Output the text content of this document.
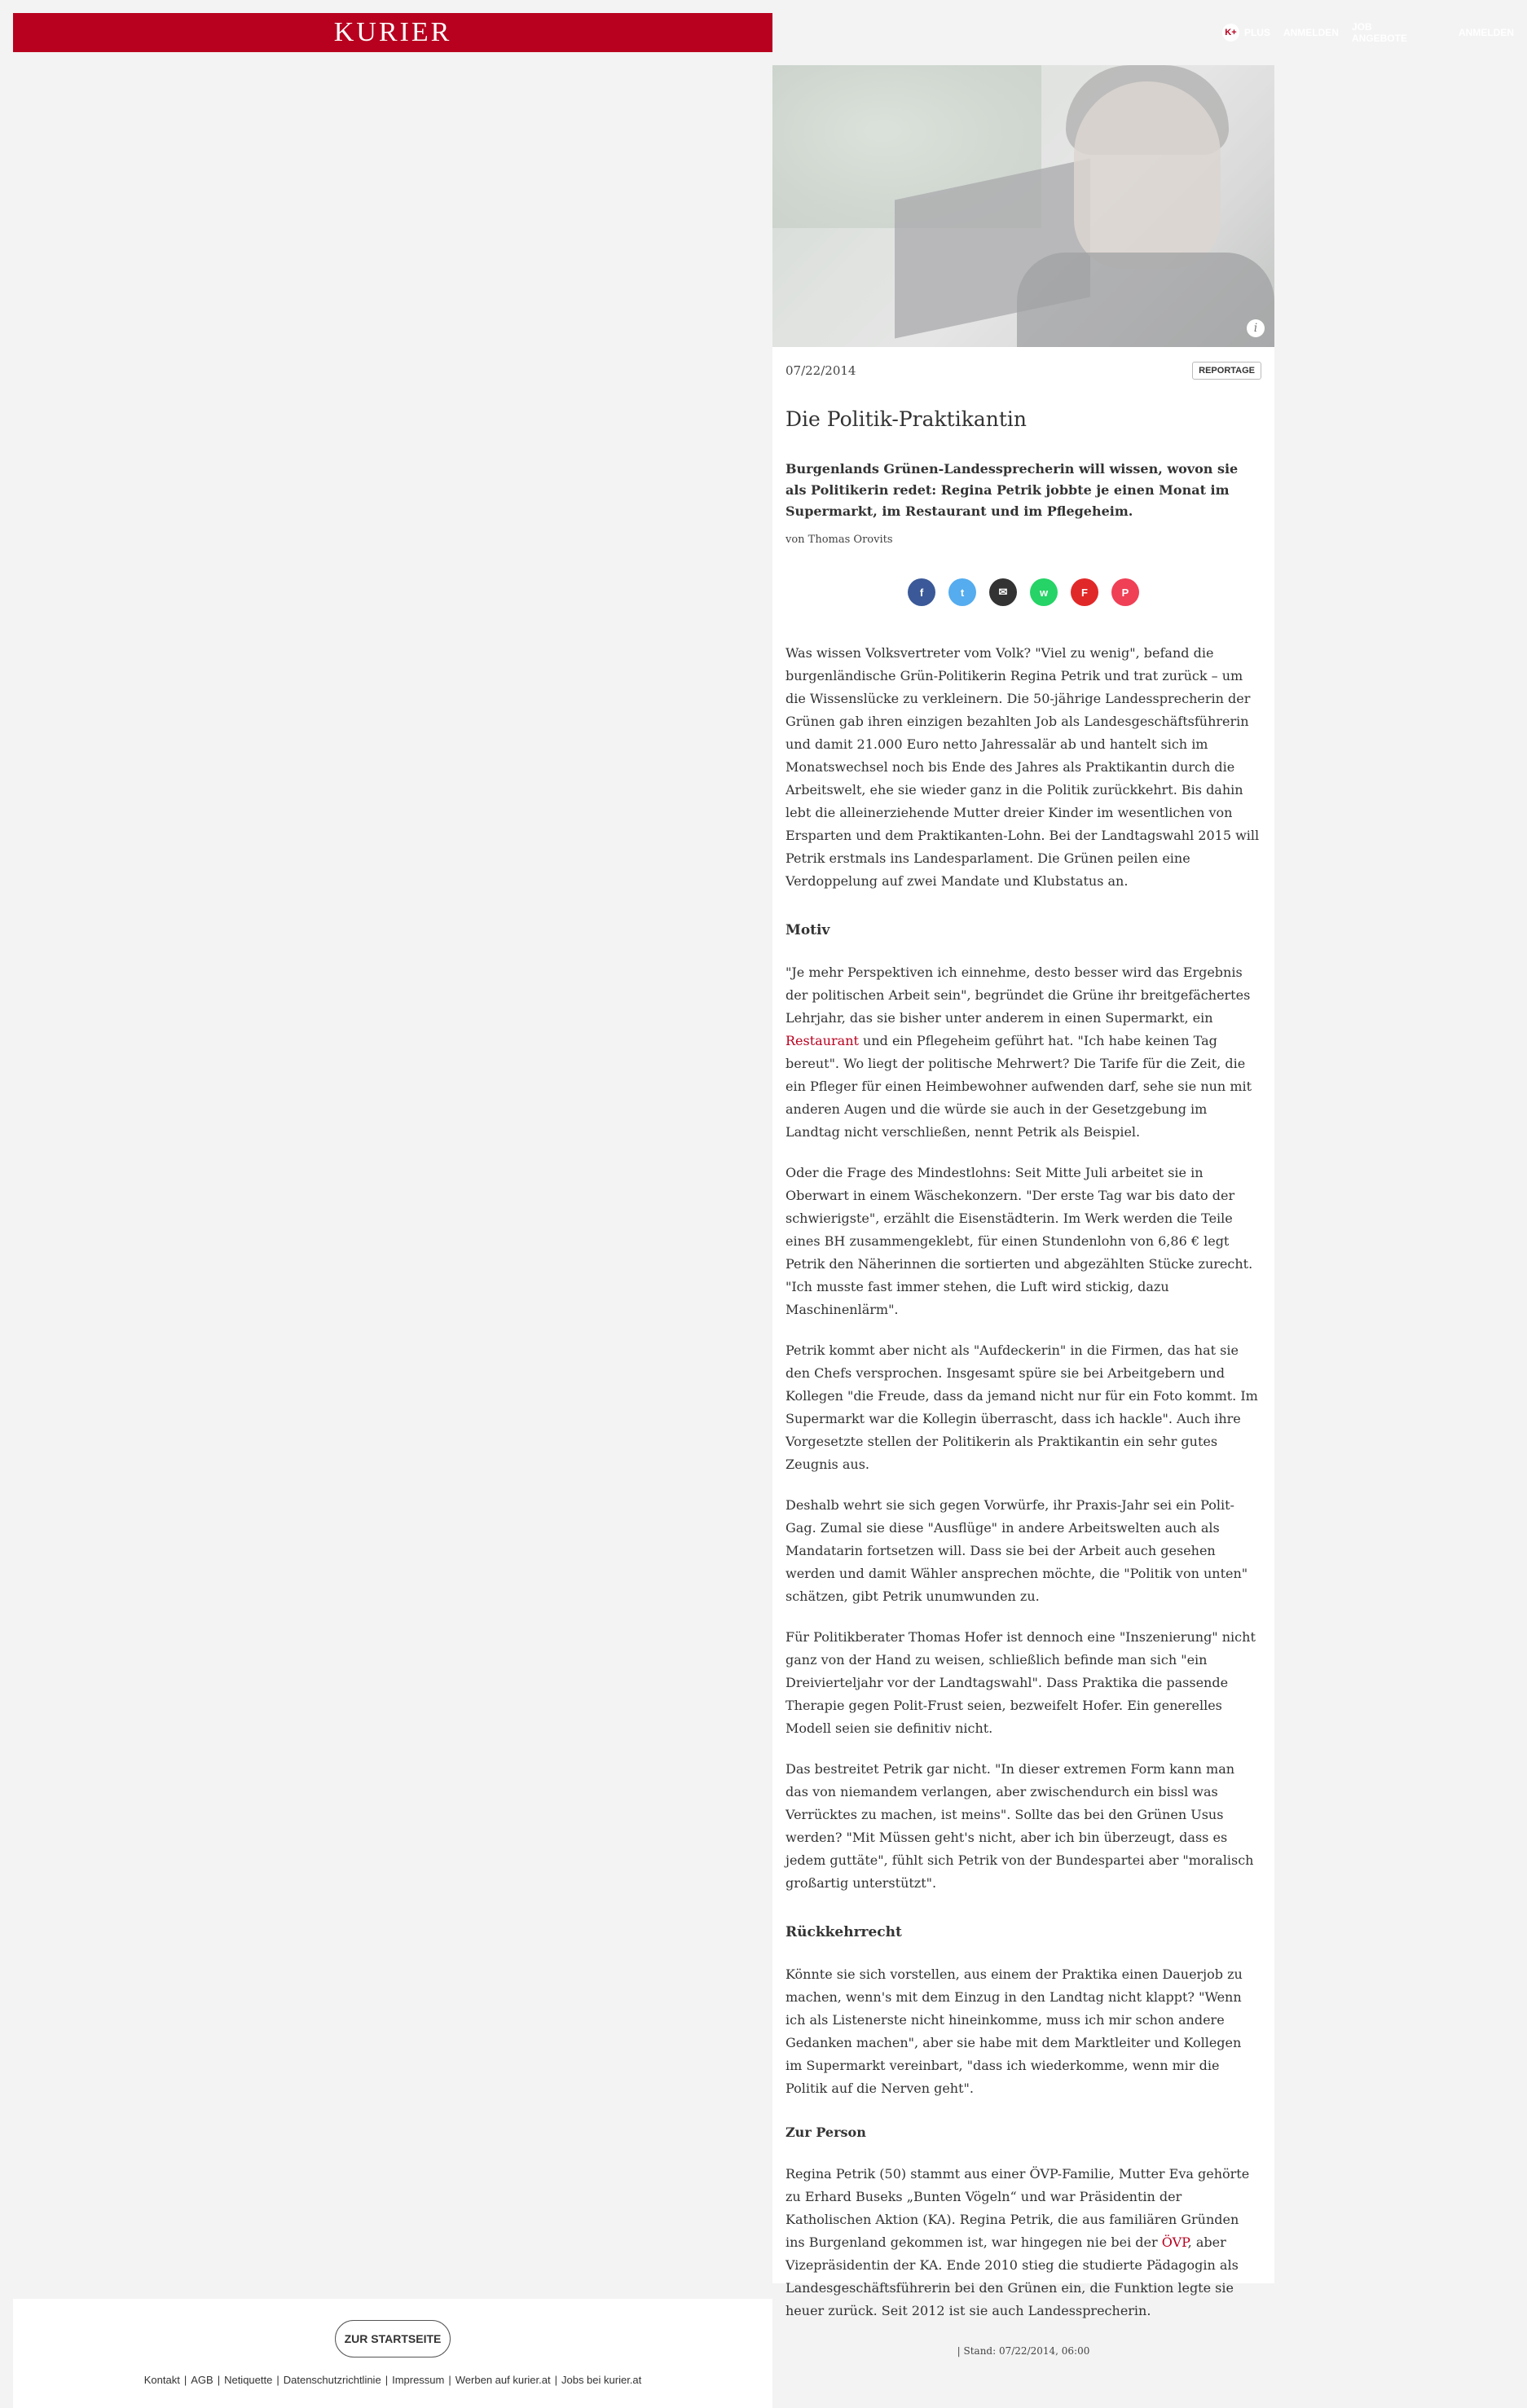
KURIER	K+ PLUS ANMELDEN JOB ANGEBOTE	ANMELDEN
i
07/22/2014	REPORTAGE
Die Politik-Praktikantin
Burgenlands Grünen-Landessprecherin will wissen, wovon sie als Politikerin redet: Regina Petrik jobbte je einen Monat im Supermarkt, im Restaurant und im Pflegeheim.
von Thomas Orovits
f	t	✉	w	F	P

Was wissen Volksvertreter vom Volk? "Viel zu wenig", befand die burgenländische Grün-Politikerin Regina Petrik und trat zurück – um die Wissenslücke zu verkleinern. Die 50-jährige Landessprecherin der Grünen gab ihren einzigen bezahlten Job als Landesgeschäftsführerin und damit 21.000 Euro netto Jahressalär ab und hantelt sich im Monatswechsel noch bis Ende des Jahres als Praktikantin durch die Arbeitswelt, ehe sie wieder ganz in die Politik zurückkehrt. Bis dahin lebt die alleinerziehende Mutter dreier Kinder im wesentlichen von Ersparten und dem Praktikanten-Lohn. Bei der Landtagswahl 2015 will Petrik erstmals ins Landesparlament. Die Grünen peilen eine Verdoppelung auf zwei Mandate und Klubstatus an.

Motiv

"Je mehr Perspektiven ich einnehme, desto besser wird das Ergebnis der politischen Arbeit sein", begründet die Grüne ihr breitgefächertes Lehrjahr, das sie bisher unter anderem in einen Supermarkt, ein Restaurant und ein Pflegeheim geführt hat. "Ich habe keinen Tag bereut". Wo liegt der politische Mehrwert? Die Tarife für die Zeit, die ein Pfleger für einen Heimbewohner aufwenden darf, sehe sie nun mit anderen Augen und die würde sie auch in der Gesetzgebung im Landtag nicht verschließen, nennt Petrik als Beispiel.

Oder die Frage des Mindestlohns: Seit Mitte Juli arbeitet sie in Oberwart in einem Wäschekonzern. "Der erste Tag war bis dato der schwierigste", erzählt die Eisenstädterin. Im Werk werden die Teile eines BH zusammengeklebt, für einen Stundenlohn von 6,86 € legt Petrik den Näherinnen die sortierten und abgezählten Stücke zurecht. "Ich musste fast immer stehen, die Luft wird stickig, dazu Maschinenlärm".

Petrik kommt aber nicht als "Aufdeckerin" in die Firmen, das hat sie den Chefs versprochen. Insgesamt spüre sie bei Arbeitgebern und Kollegen "die Freude, dass da jemand nicht nur für ein Foto kommt. Im Supermarkt war die Kollegin überrascht, dass ich hackle". Auch ihre Vorgesetzte stellen der Politikerin als Praktikantin ein sehr gutes Zeugnis aus.

Deshalb wehrt sie sich gegen Vorwürfe, ihr Praxis-Jahr sei ein Polit-Gag. Zumal sie diese "Ausflüge" in andere Arbeitswelten auch als Mandatarin fortsetzen will. Dass sie bei der Arbeit auch gesehen werden und damit Wähler ansprechen möchte, die "Politik von unten" schätzen, gibt Petrik unumwunden zu.

Für Politikberater Thomas Hofer ist dennoch eine "Inszenierung" nicht ganz von der Hand zu weisen, schließlich befinde man sich "ein Dreivierteljahr vor der Landtagswahl". Dass Praktika die passende Therapie gegen Polit-Frust seien, bezweifelt Hofer. Ein generelles Modell seien sie definitiv nicht.

Das bestreitet Petrik gar nicht. "In dieser extremen Form kann man das von niemandem verlangen, aber zwischendurch ein bissl was Verrücktes zu machen, ist meins". Sollte das bei den Grünen Usus werden? "Mit Müssen geht's nicht, aber ich bin überzeugt, dass es jedem guttäte", fühlt sich Petrik von der Bundespartei aber "moralisch großartig unterstützt".

Rückkehrrecht

Könnte sie sich vorstellen, aus einem der Praktika einen Dauerjob zu machen, wenn's mit dem Einzug in den Landtag nicht klappt? "Wenn ich als Listenerste nicht hineinkomme, muss ich mir schon andere Gedanken machen", aber sie habe mit dem Marktleiter und Kollegen im Supermarkt vereinbart, "dass ich wiederkomme, wenn mir die Politik auf die Nerven geht".

Zur Person

Regina Petrik (50) stammt aus einer ÖVP-Familie, Mutter Eva gehörte zu Erhard Buseks „Bunten Vögeln“ und war Präsidentin der Katholischen Aktion (KA). Regina Petrik, die aus familiären Gründen ins Burgenland gekommen ist, war hingegen nie bei der ÖVP, aber Vizepräsidentin der KA. Ende 2010 stieg die studierte Pädagogin als Landesgeschäftsführerin bei den Grünen ein, die Funktion legte sie heuer zurück. Seit 2012 ist sie auch Landessprecherin.

| Stand: 07/22/2014, 06:00
ZUR STARTSEITE
Kontakt | AGB | Netiquette | Datenschutzrichtlinie | Impressum | Werben auf kurier.at | Jobs bei kurier.at
